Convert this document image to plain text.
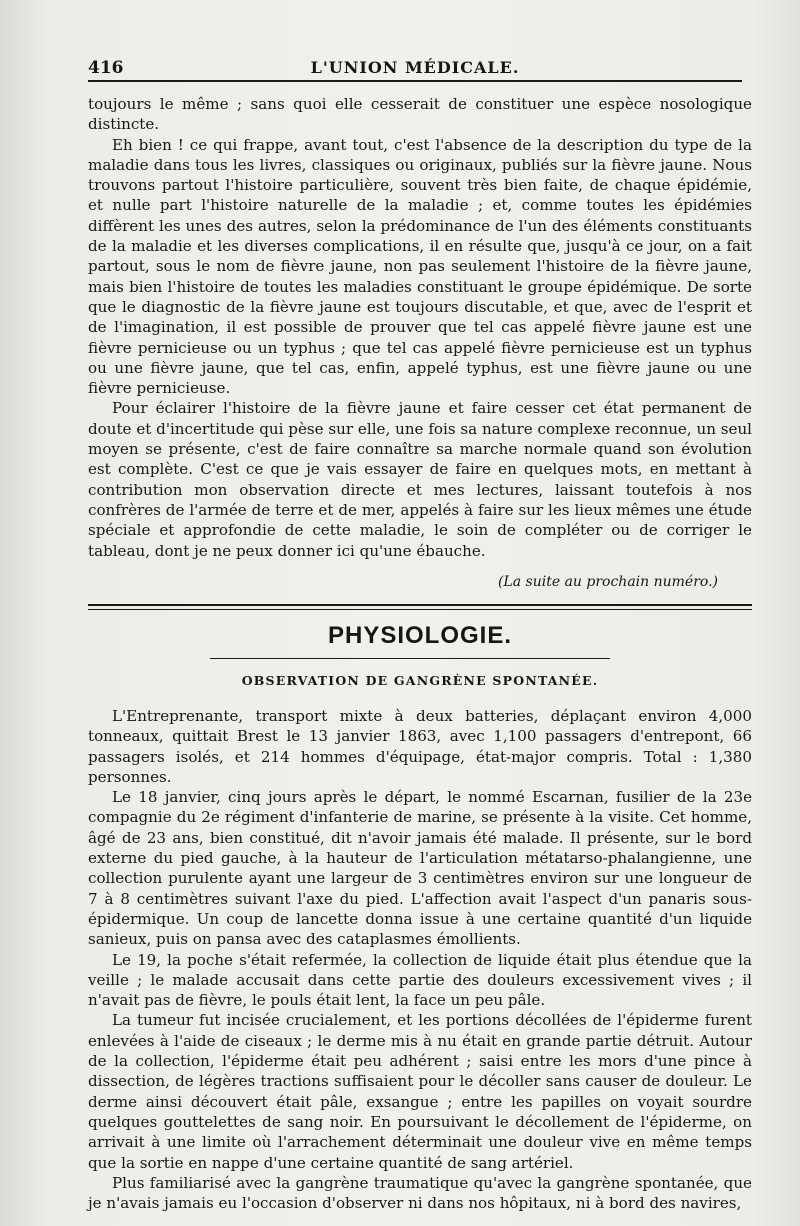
416	L'UNION MÉDICALE.

toujours le même ; sans quoi elle cesserait de constituer une espèce nosologique distincte.

Eh bien ! ce qui frappe, avant tout, c'est l'absence de la description du type de la maladie dans tous les livres, classiques ou originaux, publiés sur la fièvre jaune. Nous trouvons partout l'histoire particulière, souvent très bien faite, de chaque épidémie, et nulle part l'histoire naturelle de la maladie ; et, comme toutes les épidémies diffèrent les unes des autres, selon la prédominance de l'un des éléments constituants de la maladie et les diverses complications, il en résulte que, jusqu'à ce jour, on a fait partout, sous le nom de fièvre jaune, non pas seulement l'histoire de la fièvre jaune, mais bien l'histoire de toutes les maladies constituant le groupe épidémique. De sorte que le diagnostic de la fièvre jaune est toujours discutable, et que, avec de l'esprit et de l'imagination, il est possible de prouver que tel cas appelé fièvre jaune est une fièvre pernicieuse ou un typhus ; que tel cas appelé fièvre pernicieuse est un typhus ou une fièvre jaune, que tel cas, enfin, appelé typhus, est une fièvre jaune ou une fièvre pernicieuse.

Pour éclairer l'histoire de la fièvre jaune et faire cesser cet état permanent de doute et d'incertitude qui pèse sur elle, une fois sa nature complexe reconnue, un seul moyen se présente, c'est de faire connaître sa marche normale quand son évolution est complète. C'est ce que je vais essayer de faire en quelques mots, en mettant à contribution mon observation directe et mes lectures, laissant toutefois à nos confrères de l'armée de terre et de mer, appelés à faire sur les lieux mêmes une étude spéciale et approfondie de cette maladie, le soin de compléter ou de corriger le tableau, dont je ne peux donner ici qu'une ébauche.

(La suite au prochain numéro.)
PHYSIOLOGIE.
OBSERVATION DE GANGRÈNE SPONTANÉE.

L'Entreprenante, transport mixte à deux batteries, déplaçant environ 4,000 tonneaux, quittait Brest le 13 janvier 1863, avec 1,100 passagers d'entrepont, 66 passagers isolés, et 214 hommes d'équipage, état-major compris. Total : 1,380 personnes.

Le 18 janvier, cinq jours après le départ, le nommé Escarnan, fusilier de la 23e compagnie du 2e régiment d'infanterie de marine, se présente à la visite. Cet homme, âgé de 23 ans, bien constitué, dit n'avoir jamais été malade. Il présente, sur le bord externe du pied gauche, à la hauteur de l'articulation métatarso-phalangienne, une collection purulente ayant une largeur de 3 centimètres environ sur une longueur de 7 à 8 centimètres suivant l'axe du pied. L'affection avait l'aspect d'un panaris sous-épidermique. Un coup de lancette donna issue à une certaine quantité d'un liquide sanieux, puis on pansa avec des cataplasmes émollients.

Le 19, la poche s'était refermée, la collection de liquide était plus étendue que la veille ; le malade accusait dans cette partie des douleurs excessivement vives ; il n'avait pas de fièvre, le pouls était lent, la face un peu pâle.

La tumeur fut incisée crucialement, et les portions décollées de l'épiderme furent enlevées à l'aide de ciseaux ; le derme mis à nu était en grande partie détruit. Autour de la collection, l'épiderme était peu adhérent ; saisi entre les mors d'une pince à dissection, de légères tractions suffisaient pour le décoller sans causer de douleur. Le derme ainsi découvert était pâle, exsangue ; entre les papilles on voyait sourdre quelques gouttelettes de sang noir. En poursuivant le décollement de l'épiderme, on arrivait à une limite où l'arrachement déterminait une douleur vive en même temps que la sortie en nappe d'une certaine quantité de sang artériel.

Plus familiarisé avec la gangrène traumatique qu'avec la gangrène spontanée, que je n'avais jamais eu l'occasion d'observer ni dans nos hôpitaux, ni à bord des navires,
